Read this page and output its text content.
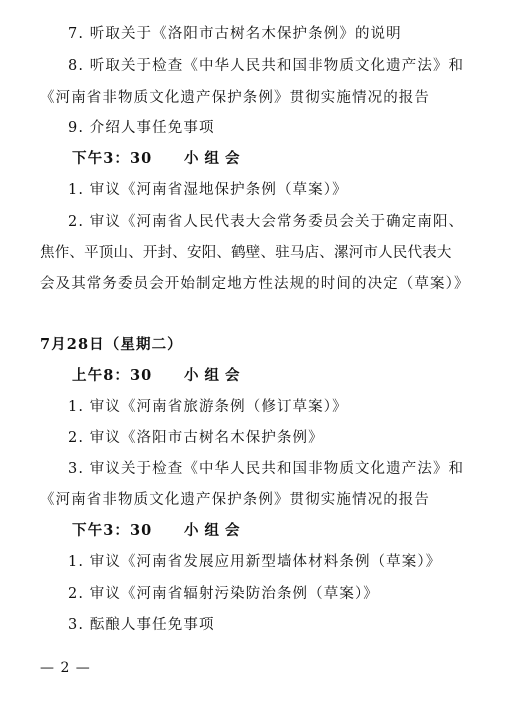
7. 听取关于《洛阳市古树名木保护条例》的说明
8. 听取关于检查《中华人民共和国非物质文化遗产法》和
《河南省非物质文化遗产保护条例》贯彻实施情况的报告
9. 介绍人事任免事项
下午3：30 小组会
1. 审议《河南省湿地保护条例（草案）》
2. 审议《河南省人民代表大会常务委员会关于确定南阳、
焦作、平顶山、开封、安阳、鹤壁、驻马店、漯河市人民代表大
会及其常务委员会开始制定地方性法规的时间的决定（草案）》
7月28日（星期二）
上午8：30 小组会
1. 审议《河南省旅游条例（修订草案）》
2. 审议《洛阳市古树名木保护条例》
3. 审议关于检查《中华人民共和国非物质文化遗产法》和
《河南省非物质文化遗产保护条例》贯彻实施情况的报告
下午3：30 小组会
1. 审议《河南省发展应用新型墙体材料条例（草案）》
2. 审议《河南省辐射污染防治条例（草案）》
3. 酝酿人事任免事项
— 2 —
